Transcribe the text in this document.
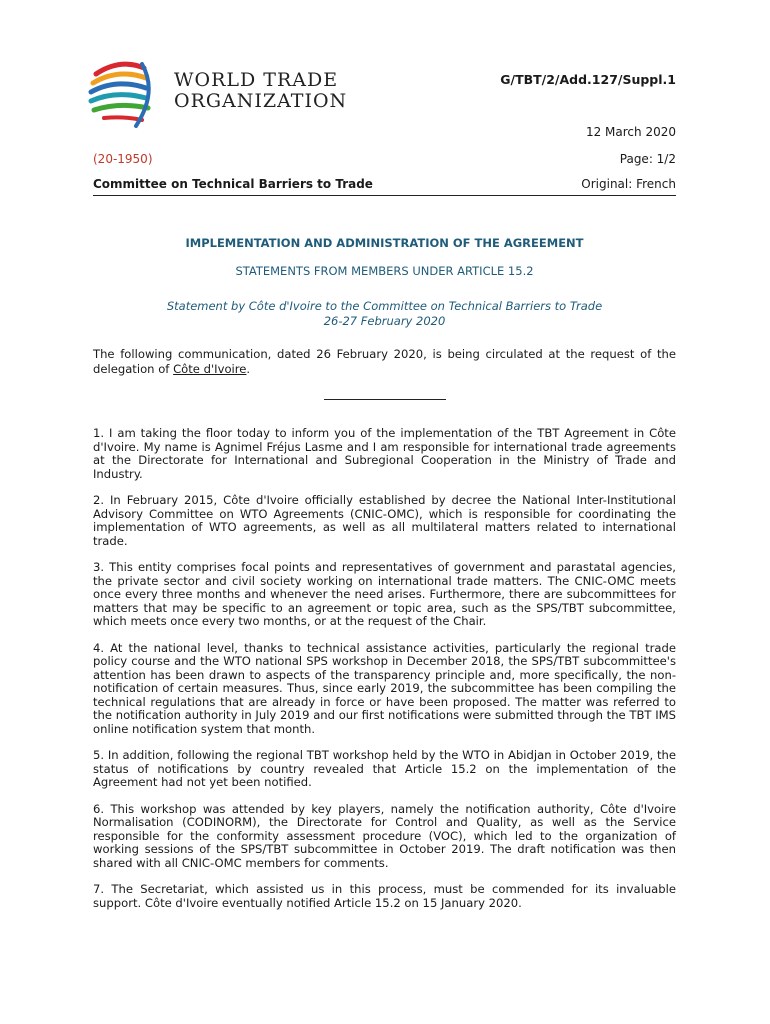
WORLD TRADE
ORGANIZATION
G/TBT/2/Add.127/Suppl.1
12 March 2020
(20-1950)	Page: 1/2
Committee on Technical Barriers to Trade	Original: French
IMPLEMENTATION AND ADMINISTRATION OF THE AGREEMENT
STATEMENTS FROM MEMBERS UNDER ARTICLE 15.2
Statement by Côte d'Ivoire to the Committee on Technical Barriers to Trade
26-27 February 2020
The following communication, dated 26 February 2020, is being circulated at the request of the delegation of Côte d'Ivoire.

1. I am taking the floor today to inform you of the implementation of the TBT Agreement in Côte d'Ivoire. My name is Agnimel Fréjus Lasme and I am responsible for international trade agreements at the Directorate for International and Subregional Cooperation in the Ministry of Trade and Industry.

2. In February 2015, Côte d'Ivoire officially established by decree the National Inter-Institutional Advisory Committee on WTO Agreements (CNIC-OMC), which is responsible for coordinating the implementation of WTO agreements, as well as all multilateral matters related to international trade.

3. This entity comprises focal points and representatives of government and parastatal agencies, the private sector and civil society working on international trade matters. The CNIC-OMC meets once every three months and whenever the need arises. Furthermore, there are subcommittees for matters that may be specific to an agreement or topic area, such as the SPS/TBT subcommittee, which meets once every two months, or at the request of the Chair.

4. At the national level, thanks to technical assistance activities, particularly the regional trade policy course and the WTO national SPS workshop in December 2018, the SPS/TBT subcommittee's attention has been drawn to aspects of the transparency principle and, more specifically, the non-notification of certain measures. Thus, since early 2019, the subcommittee has been compiling the technical regulations that are already in force or have been proposed. The matter was referred to the notification authority in July 2019 and our first notifications were submitted through the TBT IMS online notification system that month.

5. In addition, following the regional TBT workshop held by the WTO in Abidjan in October 2019, the status of notifications by country revealed that Article 15.2 on the implementation of the Agreement had not yet been notified.

6. This workshop was attended by key players, namely the notification authority, Côte d'Ivoire Normalisation (CODINORM), the Directorate for Control and Quality, as well as the Service responsible for the conformity assessment procedure (VOC), which led to the organization of working sessions of the SPS/TBT subcommittee in October 2019. The draft notification was then shared with all CNIC-OMC members for comments.

7. The Secretariat, which assisted us in this process, must be commended for its invaluable support. Côte d'Ivoire eventually notified Article 15.2 on 15 January 2020.
